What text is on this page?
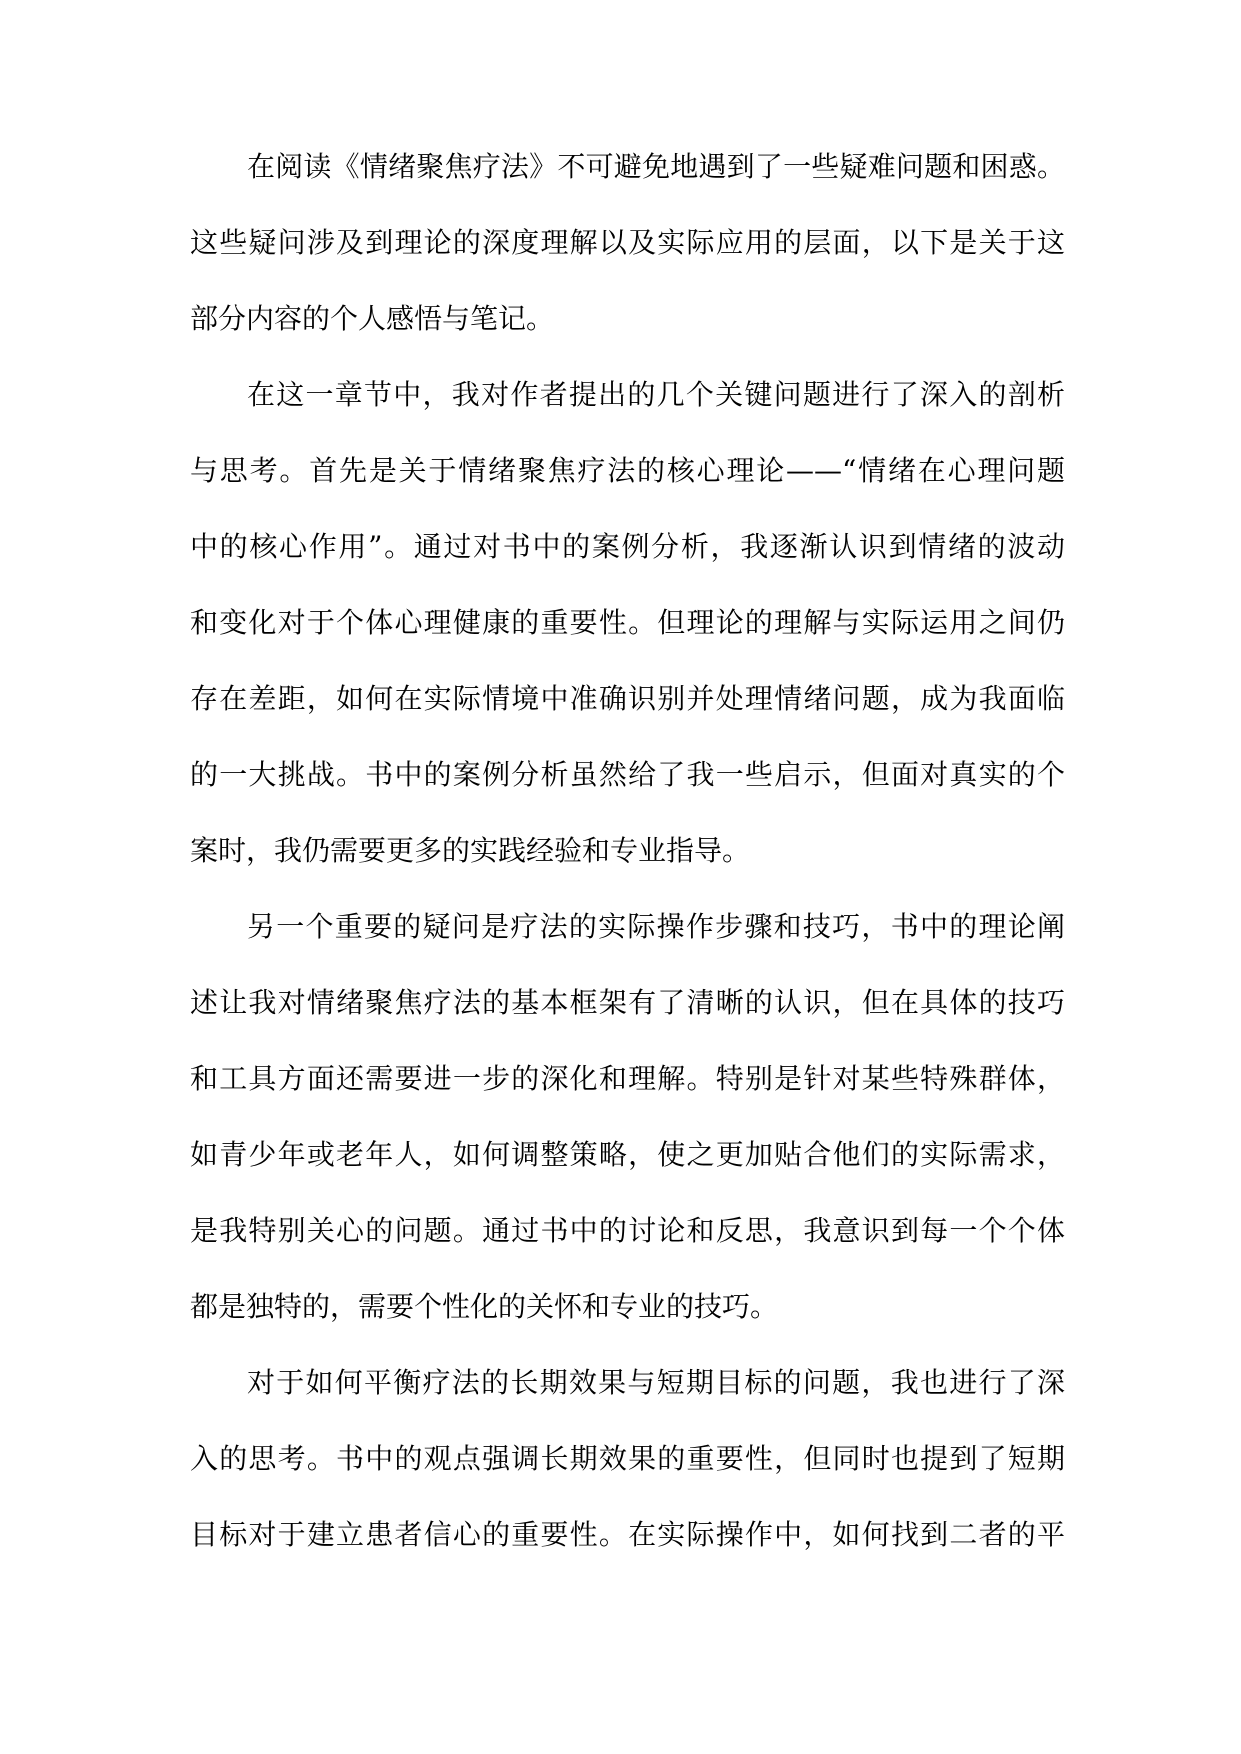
在阅读《情绪聚焦疗法》不可避免地遇到了一些疑难问题和困惑。
这些疑问涉及到理论的深度理解以及实际应用的层面，以下是关于这
部分内容的个人感悟与笔记。
在这一章节中，我对作者提出的几个关键问题进行了深入的剖析
与思考。首先是关于情绪聚焦疗法的核心理论——“情绪在心理问题
中的核心作用”。通过对书中的案例分析，我逐渐认识到情绪的波动
和变化对于个体心理健康的重要性。但理论的理解与实际运用之间仍
存在差距，如何在实际情境中准确识别并处理情绪问题，成为我面临
的一大挑战。书中的案例分析虽然给了我一些启示，但面对真实的个
案时，我仍需要更多的实践经验和专业指导。
另一个重要的疑问是疗法的实际操作步骤和技巧，书中的理论阐
述让我对情绪聚焦疗法的基本框架有了清晰的认识，但在具体的技巧
和工具方面还需要进一步的深化和理解。特别是针对某些特殊群体，
如青少年或老年人，如何调整策略，使之更加贴合他们的实际需求，
是我特别关心的问题。通过书中的讨论和反思，我意识到每一个个体
都是独特的，需要个性化的关怀和专业的技巧。
对于如何平衡疗法的长期效果与短期目标的问题，我也进行了深
入的思考。书中的观点强调长期效果的重要性，但同时也提到了短期
目标对于建立患者信心的重要性。在实际操作中，如何找到二者的平
